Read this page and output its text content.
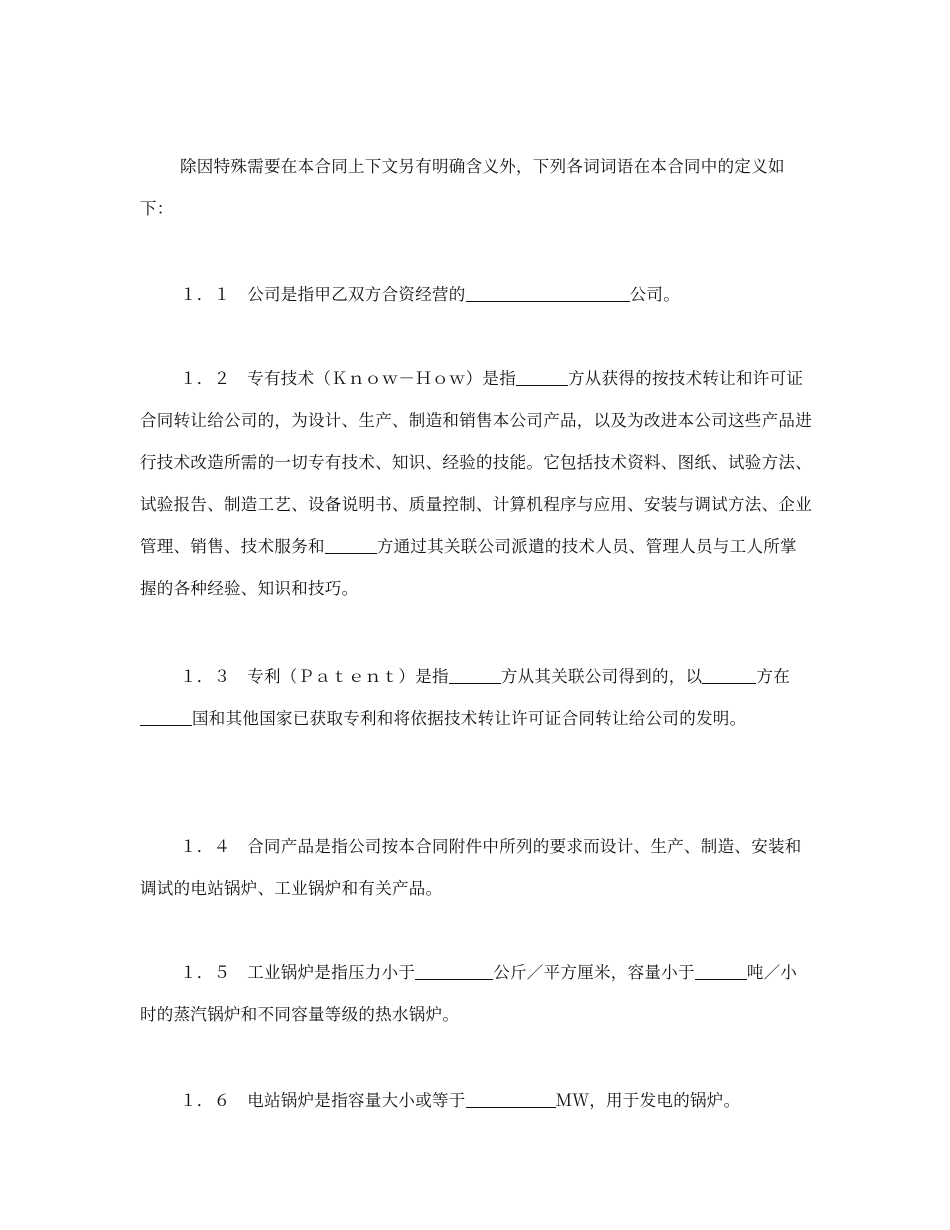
除因特殊需要在本合同上下文另有明确含义外，下列各词词语在本合同中的定义如下：

１．１　公司是指甲乙双方合资经营的	公司。

１．２　专有技术（Ｋｎｏｗ－Ｈｏｗ）是指	方从获得的按技术转让和许可证合同转让给公司的，为设计、生产、制造和销售本公司产品，以及为改进本公司这些产品进行技术改造所需的一切专有技术、知识、经验的技能。它包括技术资料、图纸、试验方法、试验报告、制造工艺、设备说明书、质量控制、计算机程序与应用、安装与调试方法、企业管理、销售、技术服务和	方通过其关联公司派遣的技术人员、管理人员与工人所掌握的各种经验、知识和技巧。

１．３　专利（Ｐａｔｅｎｔ）是指	方从其关联公司得到的，以	方在国和其他国家已获取专利和将依据技术转让许可证合同转让给公司的发明。

１．４　合同产品是指公司按本合同附件中所列的要求而设计、生产、制造、安装和调试的电站锅炉、工业锅炉和有关产品。

１．５　工业锅炉是指压力小于	公斤／平方厘米，容量小于	吨／小时的蒸汽锅炉和不同容量等级的热水锅炉。

１．６　电站锅炉是指容量大小或等于	ＭＷ，用于发电的锅炉。
